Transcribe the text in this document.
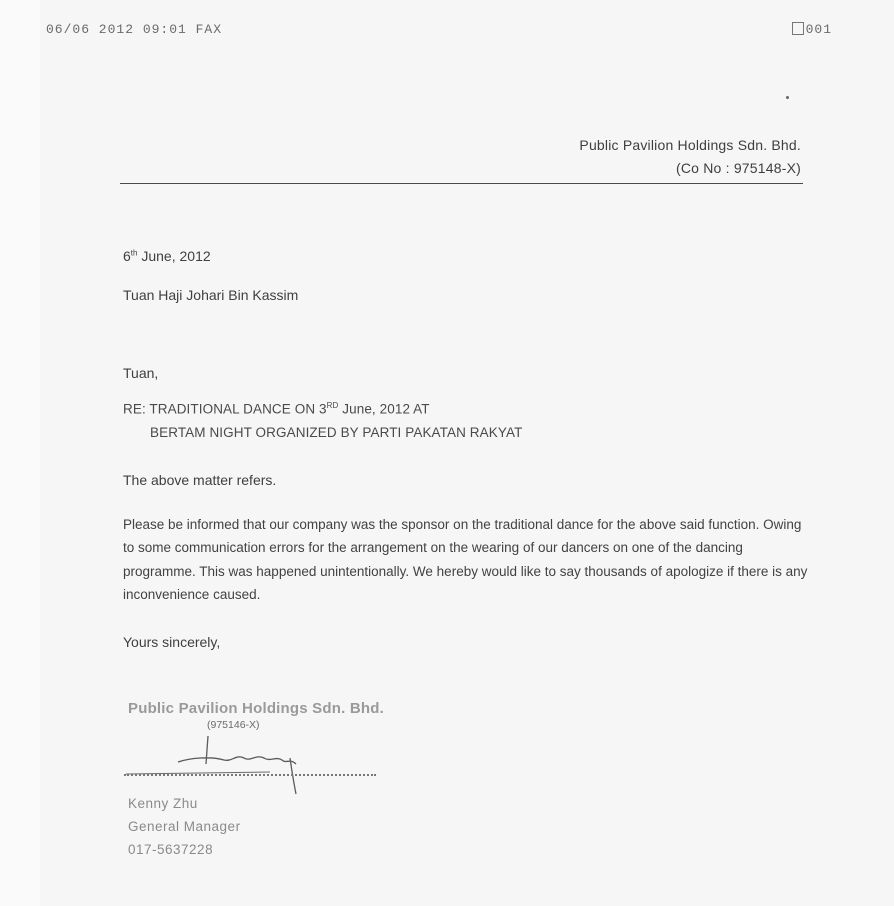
06/06 2012 09:01 FAX	001
Public Pavilion Holdings Sdn. Bhd.
(Co No : 975148-X)
6th June, 2012
Tuan Haji Johari Bin Kassim
Tuan,
RE: TRADITIONAL DANCE ON 3RD June, 2012 AT
BERTAM NIGHT ORGANIZED BY PARTI PAKATAN RAKYAT
The above matter refers.
Please be informed that our company was the sponsor on the traditional dance for the above said function. Owing to some communication errors for the arrangement on the wearing of our dancers on one of the dancing programme. This was happened unintentionally. We hereby would like to say thousands of apologize if there is any inconvenience caused.
Yours sincerely,
Public Pavilion Holdings Sdn. Bhd.
(975146-X)
Kenny Zhu
General Manager
017-5637228
